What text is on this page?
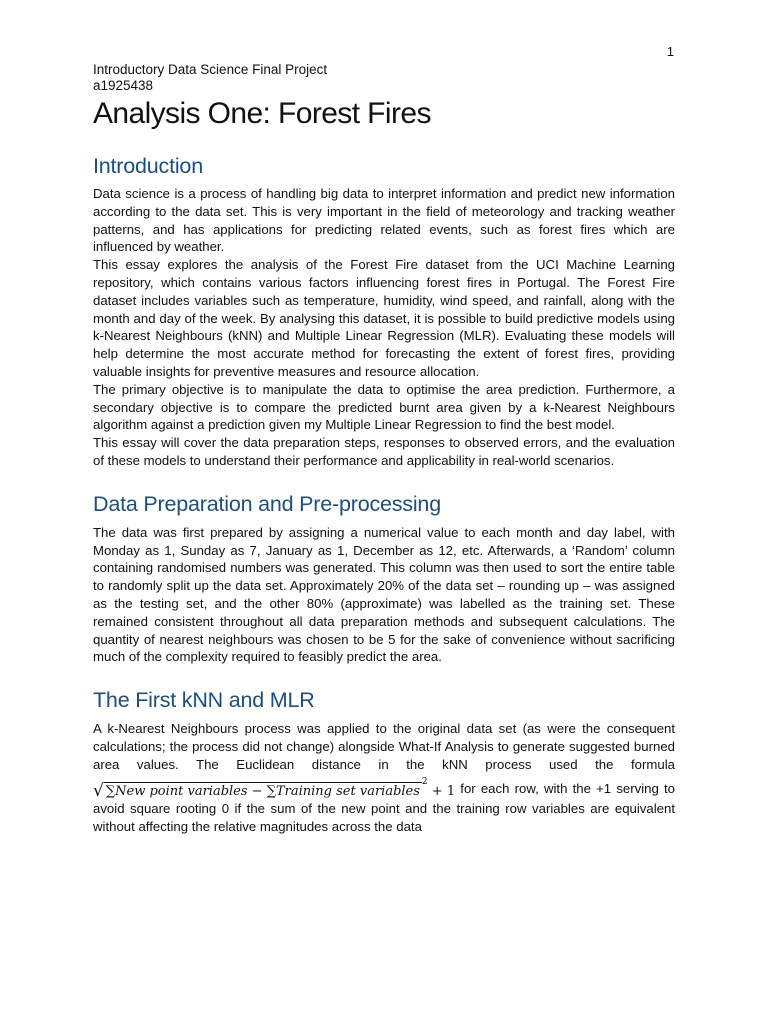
1

Introductory Data Science Final Project

a1925438

Analysis One: Forest Fires
Introduction

Data science is a process of handling big data to interpret information and predict new information according to the data set. This is very important in the field of meteorology and tracking weather patterns, and has applications for predicting related events, such as forest fires which are influenced by weather.

This essay explores the analysis of the Forest Fire dataset from the UCI Machine Learning repository, which contains various factors influencing forest fires in Portugal. The Forest Fire dataset includes variables such as temperature, humidity, wind speed, and rainfall, along with the month and day of the week. By analysing this dataset, it is possible to build predictive models using k-Nearest Neighbours (kNN) and Multiple Linear Regression (MLR). Evaluating these models will help determine the most accurate method for forecasting the extent of forest fires, providing valuable insights for preventive measures and resource allocation.

The primary objective is to manipulate the data to optimise the area prediction. Furthermore, a secondary objective is to compare the predicted burnt area given by a k-Nearest Neighbours algorithm against a prediction given my Multiple Linear Regression to find the best model.

This essay will cover the data preparation steps, responses to observed errors, and the evaluation of these models to understand their performance and applicability in real-world scenarios.

Data Preparation and Pre-processing

The data was first prepared by assigning a numerical value to each month and day label, with Monday as 1, Sunday as 7, January as 1, December as 12, etc. Afterwards, a ‘Random’ column containing randomised numbers was generated. This column was then used to sort the entire table to randomly split up the data set. Approximately 20% of the data set – rounding up – was assigned as the testing set, and the other 80% (approximate) was labelled as the training set. These remained consistent throughout all data preparation methods and subsequent calculations. The quantity of nearest neighbours was chosen to be 5 for the sake of convenience without sacrificing much of the complexity required to feasibly predict the area.

The First kNN and MLR

A k-Nearest Neighbours process was applied to the original data set (as were the consequent calculations; the process did not change) alongside What-If Analysis to generate suggested burned area values. The Euclidean distance in the kNN process used the formula √ ∑New point variables − ∑Training set variables$^2$ + 1 for each row, with the +1 serving to avoid square rooting 0 if the sum of the new point and the training row variables are equivalent without affecting the relative magnitudes across the data
